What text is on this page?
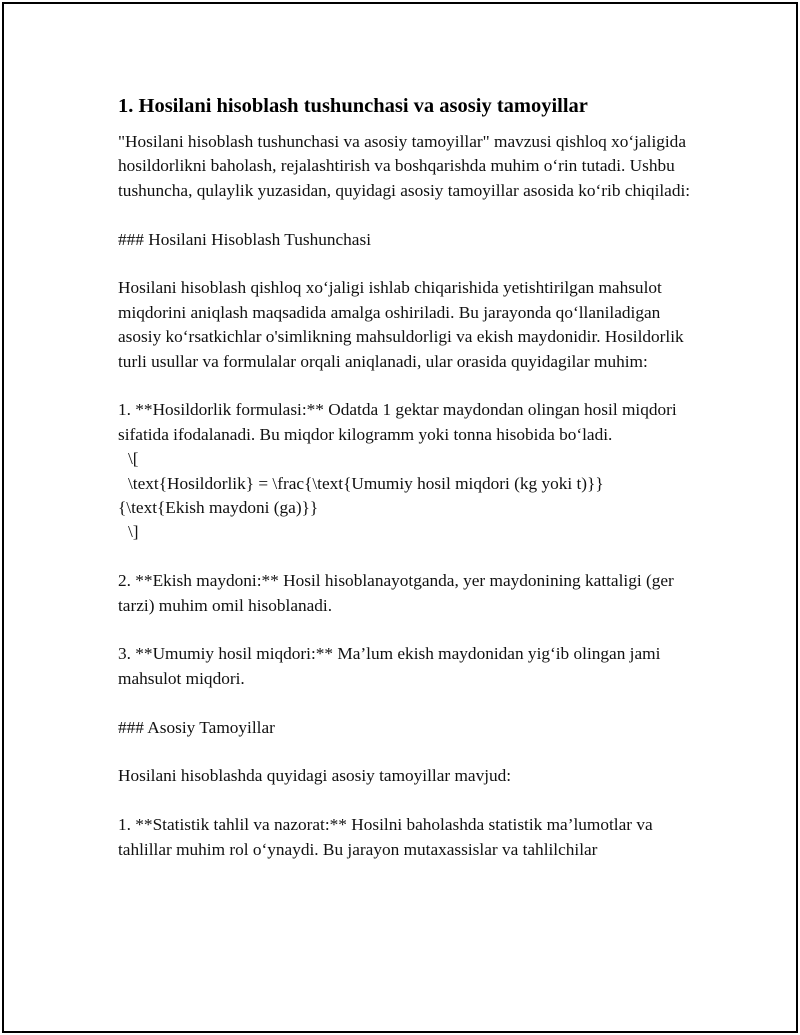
1. Hosilani hisoblash tushunchasi va asosiy tamoyillar

"Hosilani hisoblash tushunchasi va asosiy tamoyillar" mavzusi qishloq xo‘jaligida hosildorlikni baholash, rejalashtirish va boshqarishda muhim o‘rin tutadi. Ushbu tushuncha, qulaylik yuzasidan, quyidagi asosiy tamoyillar asosida ko‘rib chiqiladi:

### Hosilani Hisoblash Tushunchasi

Hosilani hisoblash qishloq xo‘jaligi ishlab chiqarishida yetishtirilgan mahsulot miqdorini aniqlash maqsadida amalga oshiriladi. Bu jarayonda qo‘llaniladigan asosiy ko‘rsatkichlar o'simlikning mahsuldorligi va ekish maydonidir. Hosildorlik turli usullar va formulalar orqali aniqlanadi, ular orasida quyidagilar muhim:

1. **Hosildorlik formulasi:** Odatda 1 gektar maydondan olingan hosil miqdori sifatida ifodalanadi. Bu miqdor kilogramm yoki tonna hisobida bo‘ladi.
\[
\text{Hosildorlik} = \frac{\text{Umumiy hosil miqdori (kg yoki t)}}
{\text{Ekish maydoni (ga)}}
\]

2. **Ekish maydoni:** Hosil hisoblanayotganda, yer maydonining kattaligi (ger tarzi) muhim omil hisoblanadi.

3. **Umumiy hosil miqdori:** Ma’lum ekish maydonidan yig‘ib olingan jami mahsulot miqdori.

### Asosiy Tamoyillar

Hosilani hisoblashda quyidagi asosiy tamoyillar mavjud:

1. **Statistik tahlil va nazorat:** Hosilni baholashda statistik ma’lumotlar va tahlillar muhim rol o‘ynaydi. Bu jarayon mutaxassislar va tahlilchilar
